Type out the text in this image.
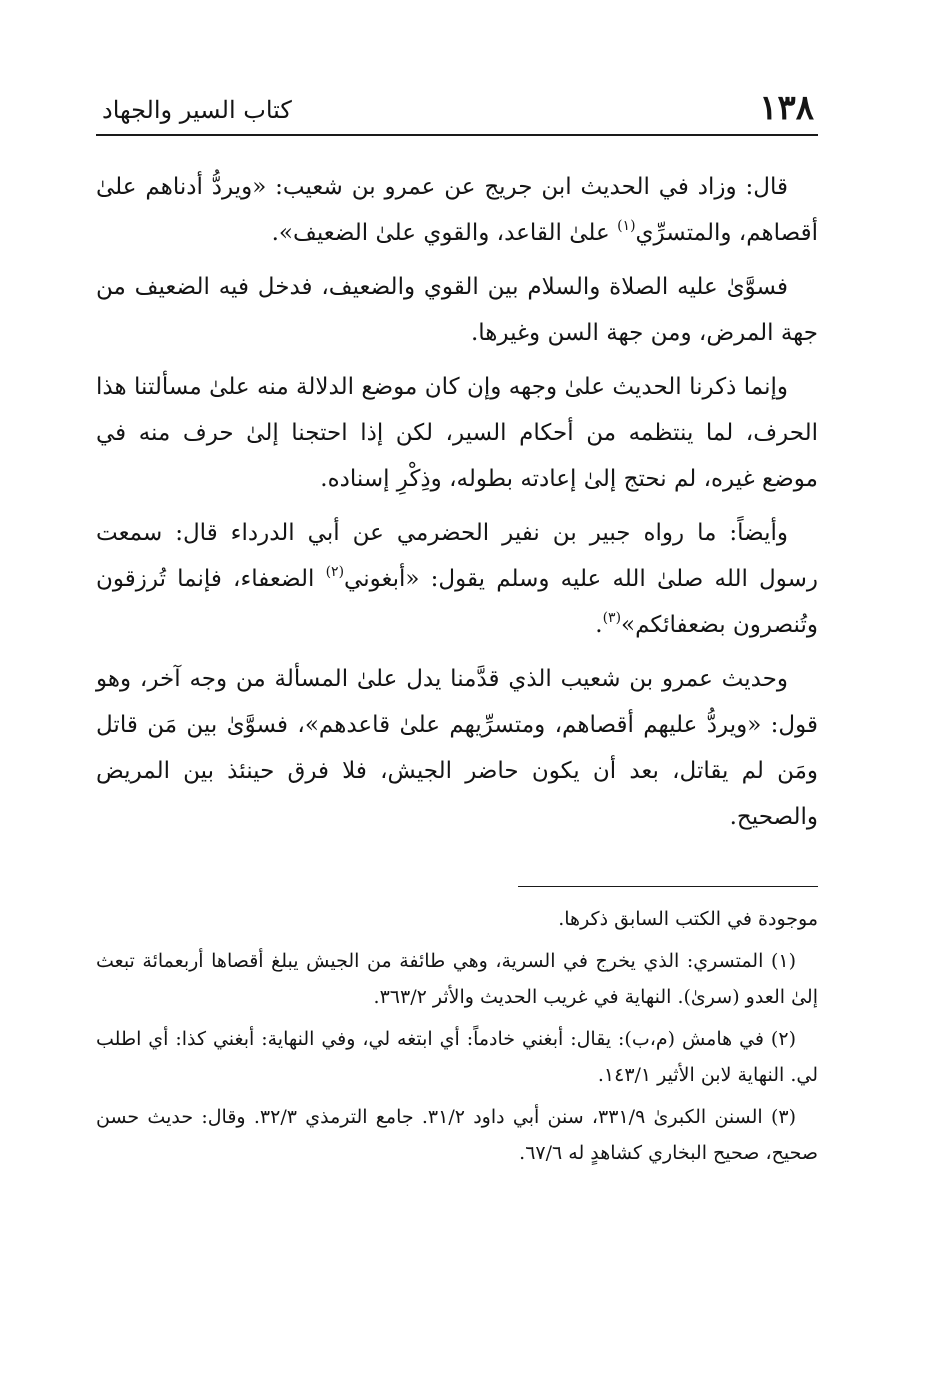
١٣٨
كتاب السير والجهاد

قال: وزاد في الحديث ابن جريج عن عمرو بن شعيب: «ويردُّ أدناهم علىٰ أقصاهم، والمتسرِّي$^{(١)}$ علىٰ القاعد، والقوي علىٰ الضعيف».

فسوَّىٰ عليه الصلاة والسلام بين القوي والضعيف، فدخل فيه الضعيف من جهة المرض، ومن جهة السن وغيرها.

وإنما ذكرنا الحديث علىٰ وجهه وإن كان موضع الدلالة منه علىٰ مسألتنا هذا الحرف، لما ينتظمه من أحكام السير، لكن إذا احتجنا إلىٰ حرف منه في موضع غيره، لم نحتج إلىٰ إعادته بطوله، وذِكْرِ إسناده.

وأيضاً: ما رواه جبير بن نفير الحضرمي عن أبي الدرداء قال: سمعت رسول الله صلىٰ الله عليه وسلم يقول: «أبغوني$^{(٢)}$ الضعفاء، فإنما تُرزقون وتُنصرون بضعفائكم»$^{(٣)}$.

وحديث عمرو بن شعيب الذي قدَّمنا يدل علىٰ المسألة من وجه آخر، وهو قول: «ويردُّ عليهم أقصاهم، ومتسرِّيهم علىٰ قاعدهم»، فسوَّىٰ بين مَن قاتل ومَن لم يقاتل، بعد أن يكون حاضر الجيش، فلا فرق حينئذ بين المريض والصحيح.

موجودة في الكتب السابق ذكرها.

(١) المتسري: الذي يخرج في السرية، وهي طائفة من الجيش يبلغ أقصاها أربعمائة تبعث إلىٰ العدو (سرىٰ). النهاية في غريب الحديث والأثر ٣٦٣/٢.

(٢) في هامش (م،ب): يقال: أبغني خادماً: أي ابتغه لي، وفي النهاية: أبغني كذا: أي اطلب لي. النهاية لابن الأثير ١٤٣/١.

(٣) السنن الكبرىٰ ٣٣١/٩، سنن أبي داود ٣١/٢. جامع الترمذي ٣٢/٣. وقال: حديث حسن صحيح، صحيح البخاري كشاهدٍ له ٦٧/٦.
